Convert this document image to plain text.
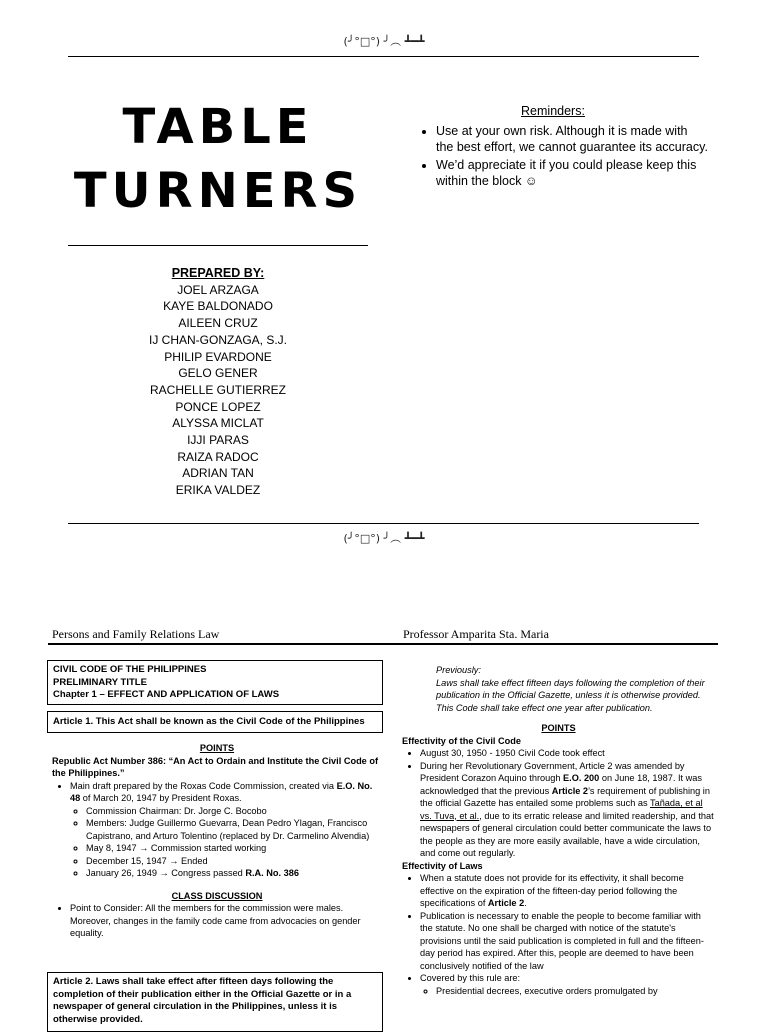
(╯°□°) ╯︵ ┻━┻
TABLE
TURNERS
Reminders:
• Use at your own risk. Although it is made with the best effort, we cannot guarantee its accuracy.
• We’d appreciate it if you could please keep this within the block ☺
PREPARED BY:
JOEL ARZAGA
KAYE BALDONADO
AILEEN CRUZ
IJ CHAN-GONZAGA, S.J.
PHILIP EVARDONE
GELO GENER
RACHELLE GUTIERREZ
PONCE LOPEZ
ALYSSA MICLAT
IJJI PARAS
RAIZA RADOC
ADRIAN TAN
ERIKA VALDEZ
(╯°□°) ╯︵ ┻━┻
Persons and Family Relations Law	Professor Amparita Sta. Maria
CIVIL CODE OF THE PHILIPPINES
PRELIMINARY TITLE
Chapter 1 – EFFECT AND APPLICATION OF LAWS
Article 1. This Act shall be known as the Civil Code of the Philippines
POINTS
Republic Act Number 386: “An Act to Ordain and Institute the Civil Code of the Philippines.”
• Main draft prepared by the Roxas Code Commission, created via E.O. No. 48 of March 20, 1947 by President Roxas.
◦ Commission Chairman: Dr. Jorge C. Bocobo
◦ Members: Judge Guillermo Guevarra, Dean Pedro Ylagan, Francisco Capistrano, and Arturo Tolentino (replaced by Dr. Carmelino Alvendia)
◦ May 8, 1947 → Commission started working
◦ December 15, 1947 → Ended
◦ January 26, 1949 → Congress passed R.A. No. 386
CLASS DISCUSSION
• Point to Consider: All the members for the commission were males. Moreover, changes in the family code came from advocacies on gender equality.
Article 2. Laws shall take effect after fifteen days following the completion of their publication either in the Official Gazette or in a newspaper of general circulation in the Philippines, unless it is otherwise provided.
Previously:
Laws shall take effect fifteen days following the completion of their publication in the Official Gazette, unless it is otherwise provided. This Code shall take effect one year after publication.
POINTS
Effectivity of the Civil Code
• August 30, 1950 - 1950 Civil Code took effect
• During her Revolutionary Government, Article 2 was amended by President Corazon Aquino through E.O. 200 on June 18, 1987. It was acknowledged that the previous Article 2’s requirement of publishing in the official Gazette has entailed some problems such as Tañada, et al vs. Tuva, et al., due to its erratic release and limited readership, and that newspapers of general circulation could better communicate the laws to the people as they are more easily available, have a wide circulation, and come out regularly.
Effectivity of Laws
• When a statute does not provide for its effectivity, it shall become effective on the expiration of the fifteen-day period following the specifications of Article 2.
• Publication is necessary to enable the people to become familiar with the statute. No one shall be charged with notice of the statute's provisions until the said publication is completed in full and the fifteen-day period has expired. After this, people are deemed to have been conclusively notified of the law
• Covered by this rule are:
◦ Presidential decrees, executive orders promulgated by
